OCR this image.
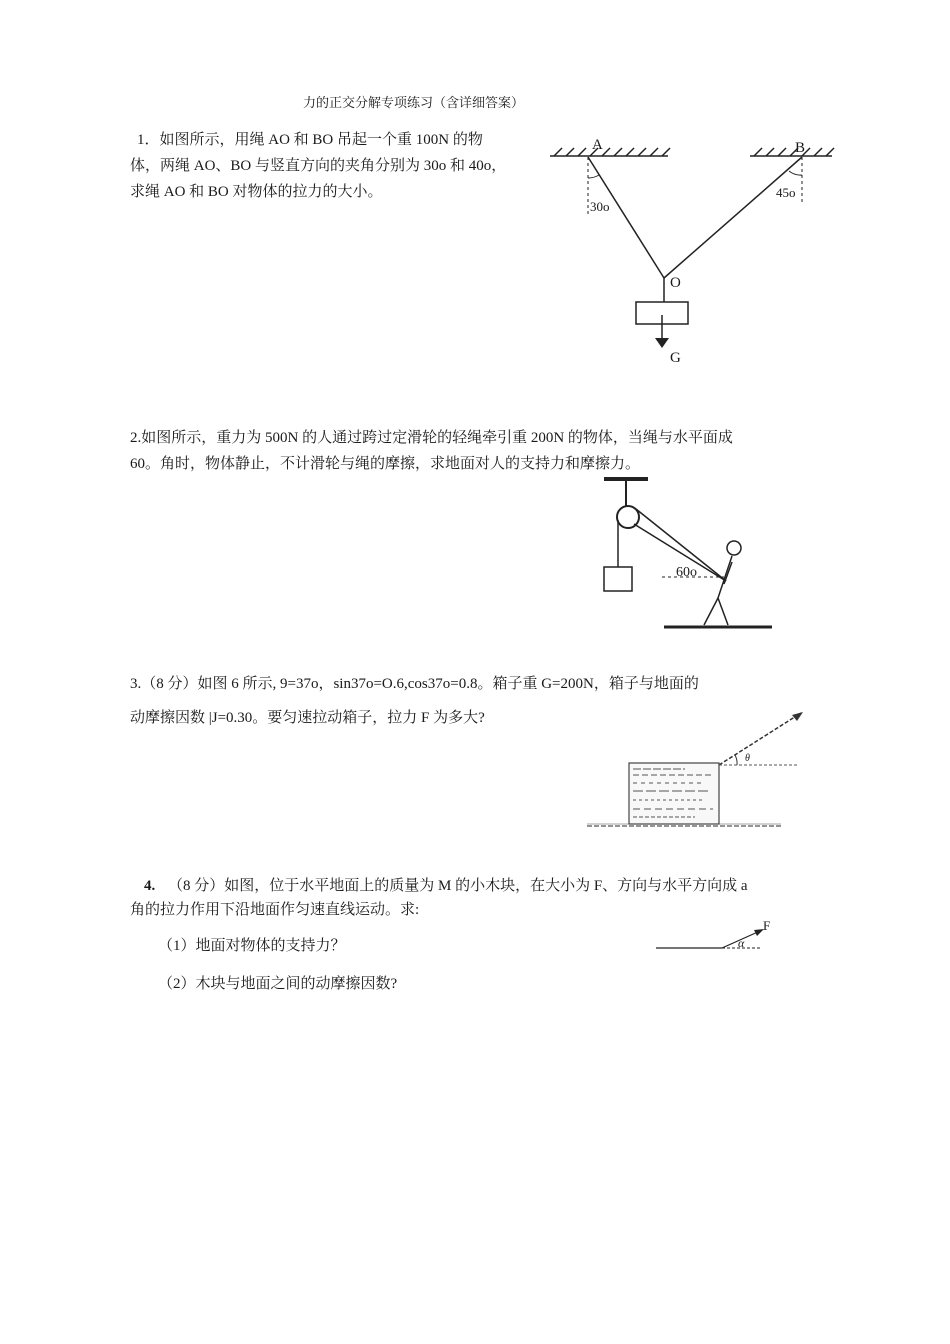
力的正交分解专项练习（含详细答案）
1．如图所示，用绳 AO 和 BO 吊起一个重 100N 的物
体，两绳 AO、BO 与竖直方向的夹角分别为 30o 和 40o，
求绳 AO 和 BO 对物体的拉力的大小。
A	B
30o
45o
O
G
2.如图所示，重力为 500N 的人通过跨过定滑轮的轻绳牵引重 200N 的物体，当绳与水平面成
60。角时，物体静止，不计滑轮与绳的摩擦，求地面对人的支持力和摩擦力。
60o
3.（8 分）如图 6 所示, 9=37o，sin37o=O.6,cos37o=0.8。箱子重 G=200N，箱子与地面的
动摩擦因数 |J=0.30。要匀速拉动箱子，拉力 F 为多大?
θ
4. （8 分）如图，位于水平地面上的质量为 M 的小木块，在大小为 F、方向与水平方向成 a
角的拉力作用下沿地面作匀速直线运动。求:
（1）地面对物体的支持力？
（2）木块与地面之间的动摩擦因数?
F
α
